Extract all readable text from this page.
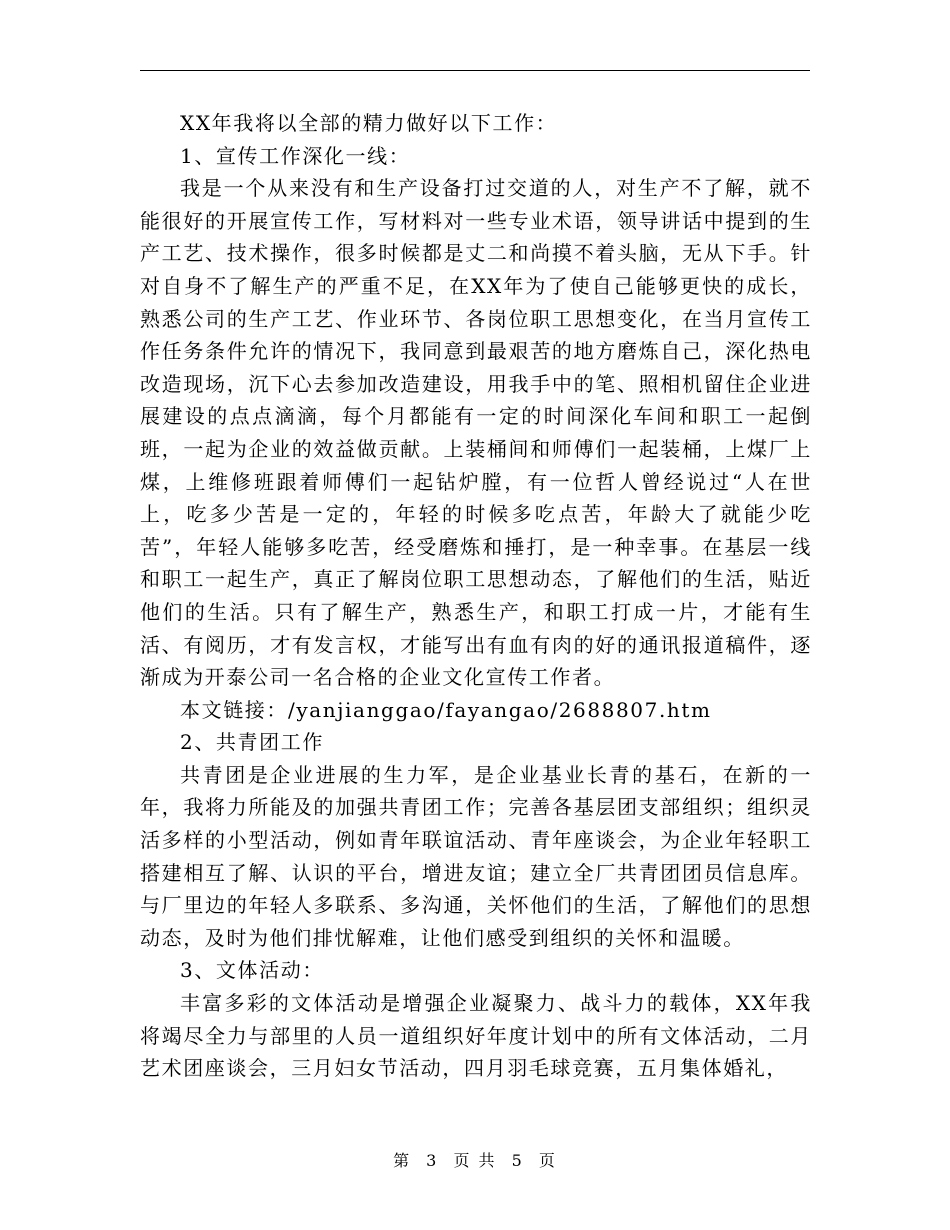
XX年我将以全部的精力做好以下工作：

1、宣传工作深化一线：

我是一个从来没有和生产设备打过交道的人，对生产不了解，就不能很好的开展宣传工作，写材料对一些专业术语，领导讲话中提到的生产工艺、技术操作，很多时候都是丈二和尚摸不着头脑，无从下手。针对自身不了解生产的严重不足，在XX年为了使自己能够更快的成长，熟悉公司的生产工艺、作业环节、各岗位职工思想变化，在当月宣传工作任务条件允许的情况下，我同意到最艰苦的地方磨炼自己，深化热电改造现场，沉下心去参加改造建设，用我手中的笔、照相机留住企业进展建设的点点滴滴，每个月都能有一定的时间深化车间和职工一起倒班，一起为企业的效益做贡献。上装桶间和师傅们一起装桶，上煤厂上煤，上维修班跟着师傅们一起钻炉膛，有一位哲人曾经说过“人在世上，吃多少苦是一定的，年轻的时候多吃点苦，年龄大了就能少吃苦”，年轻人能够多吃苦，经受磨炼和捶打，是一种幸事。在基层一线和职工一起生产，真正了解岗位职工思想动态，了解他们的生活，贴近他们的生活。只有了解生产，熟悉生产，和职工打成一片，才能有生活、有阅历，才有发言权，才能写出有血有肉的好的通讯报道稿件，逐渐成为开泰公司一名合格的企业文化宣传工作者。

本文链接：/yanjianggao/fayangao/2688807.htm

2、共青团工作

共青团是企业进展的生力军，是企业基业长青的基石，在新的一年，我将力所能及的加强共青团工作；完善各基层团支部组织；组织灵活多样的小型活动，例如青年联谊活动、青年座谈会，为企业年轻职工搭建相互了解、认识的平台，增进友谊；建立全厂共青团团员信息库。与厂里边的年轻人多联系、多沟通，关怀他们的生活，了解他们的思想动态，及时为他们排忧解难，让他们感受到组织的关怀和温暖。

3、文体活动：

丰富多彩的文体活动是增强企业凝聚力、战斗力的载体，XX年我将竭尽全力与部里的人员一道组织好年度计划中的所有文体活动，二月艺术团座谈会，三月妇女节活动，四月羽毛球竞赛，五月集体婚礼，

第 3 页 共 5 页
